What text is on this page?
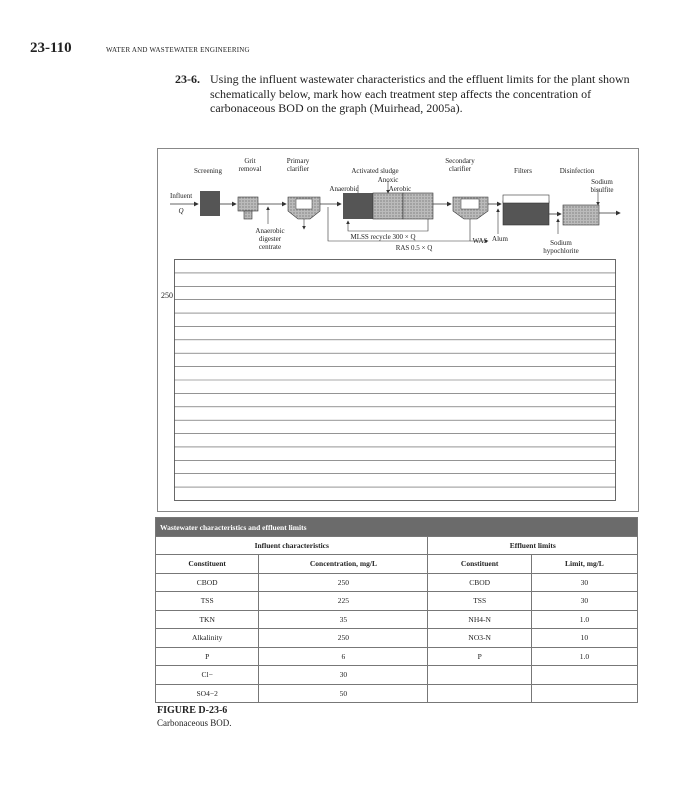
23-110	WATER AND WASTEWATER ENGINEERING
23-6. Using the influent wastewater characteristics and the effluent limits for the plant shown schematically below, mark how each treatment step affects the concentration of carbonaceous BOD on the graph (Muirhead, 2005a).
Screening
Grit
removal
Primary
clarifier	Activated sludge
Anoxic
Anaerobic	Aerobic
Secondary
clarifier	Filters	Disinfection
Sodium
bisulfite
Influent
Q
Anaerobic
digester
centrate
MLSS recycle 300 × Q
RAS 0.5 × Q
WAS Alum	Sodium
hypochlorite
250
Wastewater characteristics and effluent limits			
Influent characteristics		Effluent limits	
Constituent	Concentration, mg/L	Constituent	Limit, mg/L
CBOD	250	CBOD	30
TSS	225	TSS	30
TKN	35	NH4-N	1.0
Alkalinity	250	NO3-N	10
P	6	P	1.0
Cl−	30		
SO4−2	50		
FIGURE D-23-6
Carbonaceous BOD.
